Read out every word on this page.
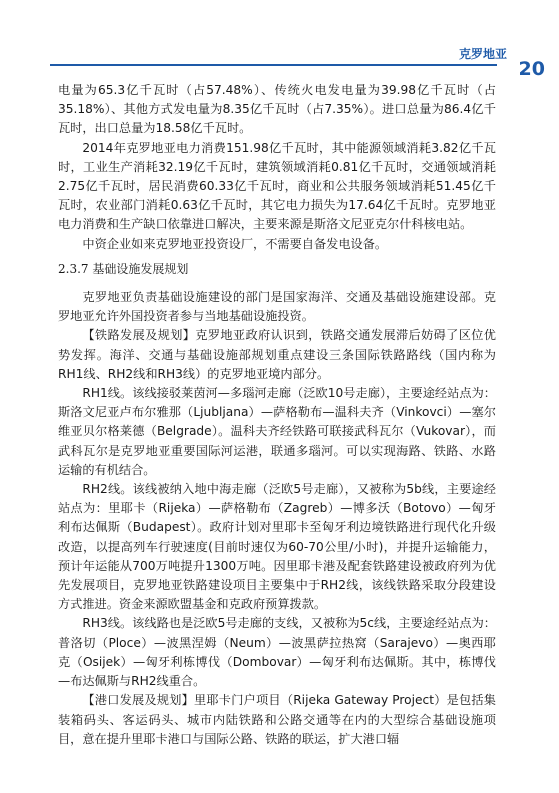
克罗地亚
20

电量为65.3亿千瓦时（占57.48%）、传统火电发电量为39.98亿千瓦时（占35.18%）、其他方式发电量为8.35亿千瓦时（占7.35%）。进口总量为86.4亿千瓦时，出口总量为18.58亿千瓦时。

2014年克罗地亚电力消费151.98亿千瓦时，其中能源领域消耗3.82亿千瓦时，工业生产消耗32.19亿千瓦时，建筑领域消耗0.81亿千瓦时，交通领域消耗2.75亿千瓦时，居民消费60.33亿千瓦时，商业和公共服务领域消耗51.45亿千瓦时，农业部门消耗0.63亿千瓦时，其它电力损失为17.64亿千瓦时。克罗地亚电力消费和生产缺口依靠进口解决，主要来源是斯洛文尼亚克尔什科核电站。

中资企业如来克罗地亚投资设厂，不需要自备发电设备。

2.3.7 基础设施发展规划

克罗地亚负责基础设施建设的部门是国家海洋、交通及基础设施建设部。克罗地亚允许外国投资者参与当地基础设施投资。

【铁路发展及规划】克罗地亚政府认识到，铁路交通发展滞后妨碍了区位优势发挥。海洋、交通与基础设施部规划重点建设三条国际铁路路线（国内称为RH1线、RH2线和RH3线）的克罗地亚境内部分。

RH1线。该线接驳莱茵河—多瑙河走廊（泛欧10号走廊），主要途经站点为：斯洛文尼亚卢布尔雅那（Ljubljana）—萨格勒布—温科夫齐（Vinkovci）—塞尔维亚贝尔格莱德（Belgrade）。温科夫齐经铁路可联接武科瓦尔（Vukovar），而武科瓦尔是克罗地亚重要国际河运港，联通多瑙河。可以实现海路、铁路、水路运输的有机结合。

RH2线。该线被纳入地中海走廊（泛欧5号走廊），又被称为5b线，主要途经站点为：里耶卡（Rijeka）—萨格勒布（Zagreb）—博多沃（Botovo）—匈牙利布达佩斯（Budapest）。政府计划对里耶卡至匈牙利边境铁路进行现代化升级改造，以提高列车行驶速度(目前时速仅为60-70公里/小时)，并提升运输能力，预计年运能从700万吨提升1300万吨。因里耶卡港及配套铁路建设被政府列为优先发展项目，克罗地亚铁路建设项目主要集中于RH2线，该线铁路采取分段建设方式推进。资金来源欧盟基金和克政府预算拨款。

RH3线。该线路也是泛欧5号走廊的支线，又被称为5c线，主要途经站点为：普洛切（Ploce）—波黑涅姆（Neum）—波黑萨拉热窝（Sarajevo）—奥西耶克（Osijek）—匈牙利栋博伐（Dombovar）—匈牙利布达佩斯。其中，栋博伐—布达佩斯与RH2线重合。

【港口发展及规划】里耶卡门户项目（Rijeka Gateway Project）是包括集装箱码头、客运码头、城市内陆铁路和公路交通等在内的大型综合基础设施项目，意在提升里耶卡港口与国际公路、铁路的联运，扩大港口辐
